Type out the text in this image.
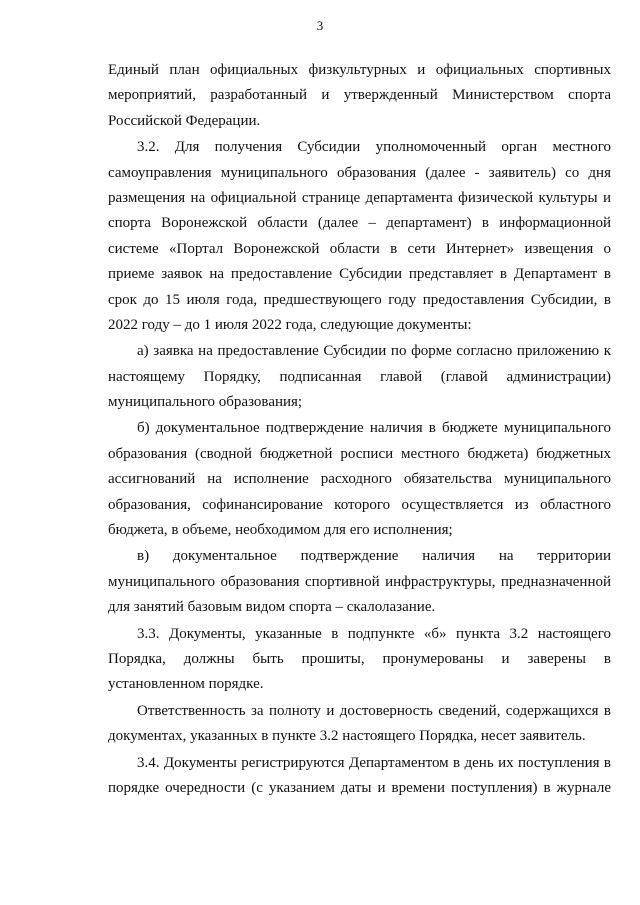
3
Единый план официальных физкультурных и официальных спортивных
мероприятий, разработанный и утвержденный Министерством спорта
Российской Федерации.
3.2. Для получения Субсидии уполномоченный орган местного
самоуправления муниципального образования (далее - заявитель) со дня
размещения на официальной странице департамента физической культуры и
спорта Воронежской области (далее – департамент) в информационной
системе «Портал Воронежской области в сети Интернет» извещения о
приеме заявок на предоставление Субсидии представляет в Департамент в
срок до 15 июля года, предшествующего году предоставления Субсидии, в
2022 году – до 1 июля 2022 года, следующие документы:
а) заявка на предоставление Субсидии по форме согласно приложению к
настоящему Порядку, подписанная главой (главой администрации)
муниципального образования;
б) документальное подтверждение наличия в бюджете муниципального
образования (сводной бюджетной росписи местного бюджета) бюджетных
ассигнований на исполнение расходного обязательства муниципального
образования, софинансирование которого осуществляется из областного
бюджета, в объеме, необходимом для его исполнения;
в) документальное подтверждение наличия на территории
муниципального образования спортивной инфраструктуры, предназначенной
для занятий базовым видом спорта – скалолазание.
3.3. Документы, указанные в подпункте «б» пункта 3.2 настоящего
Порядка, должны быть прошиты, пронумерованы и заверены в
установленном порядке.
Ответственность за полноту и достоверность сведений, содержащихся в
документах, указанных в пункте 3.2 настоящего Порядка, несет заявитель.
3.4. Документы регистрируются Департаментом в день их поступления в
порядке очередности (с указанием даты и времени поступления) в журнале
